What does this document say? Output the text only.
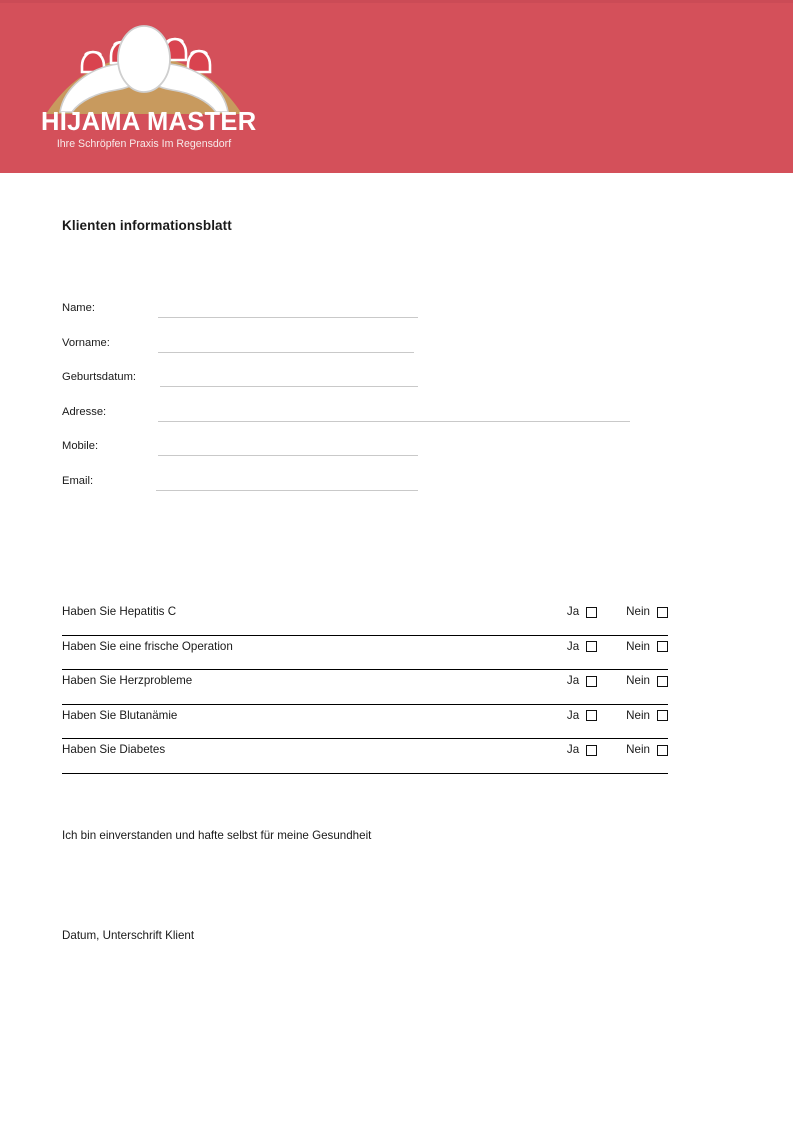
HIJAMA MASTER
Ihre Schröpfen Praxis Im Regensdorf
Klienten informationsblatt
Name:
Vorname:
Geburtsdatum:
Adresse:
Mobile:
Email:
Haben Sie Hepatitis C	Ja	Nein
Haben Sie eine frische Operation	Ja	Nein
Haben Sie Herzprobleme	Ja	Nein
Haben Sie Blutanämie	Ja	Nein
Haben Sie Diabetes	Ja	Nein
Ich bin einverstanden und hafte selbst für meine Gesundheit
Datum, Unterschrift Klient
